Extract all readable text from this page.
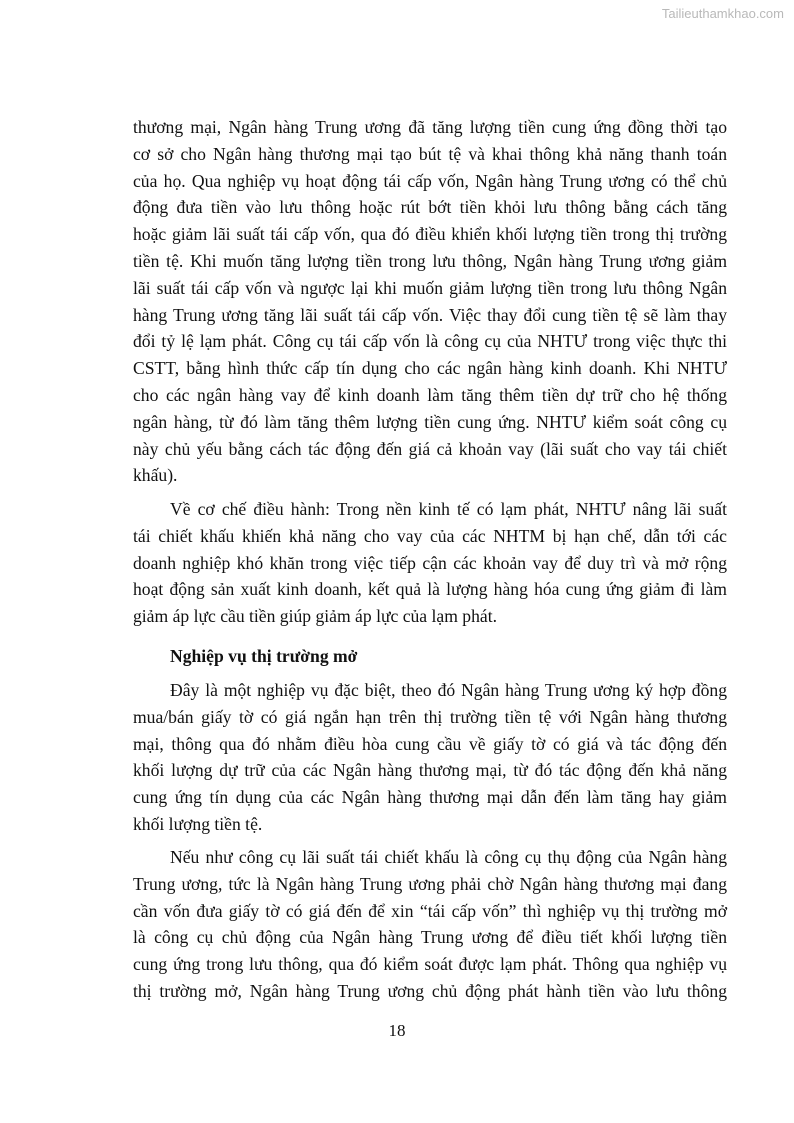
Tailieuthamkhao.com
thương mại, Ngân hàng Trung ương đã tăng lượng tiền cung ứng đồng thời tạo
cơ sở cho Ngân hàng thương mại tạo bút tệ và khai thông khả năng thanh toán
của họ. Qua nghiệp vụ hoạt động tái cấp vốn, Ngân hàng Trung ương có thể chủ
động đưa tiền vào lưu thông hoặc rút bớt tiền khỏi lưu thông bằng cách tăng
hoặc giảm lãi suất tái cấp vốn, qua đó điều khiển khối lượng tiền trong thị trường
tiền tệ. Khi muốn tăng lượng tiền trong lưu thông, Ngân hàng Trung ương giảm
lãi suất tái cấp vốn và ngược lại khi muốn giảm lượng tiền trong lưu thông Ngân
hàng Trung ương tăng lãi suất tái cấp vốn. Việc thay đổi cung tiền tệ sẽ làm thay
đổi tỷ lệ lạm phát. Công cụ tái cấp vốn là công cụ của NHTƯ trong việc thực thi
CSTT, bằng hình thức cấp tín dụng cho các ngân hàng kinh doanh. Khi NHTƯ
cho các ngân hàng vay để kinh doanh làm tăng thêm tiền dự trữ cho hệ thống
ngân hàng, từ đó làm tăng thêm lượng tiền cung ứng. NHTƯ kiểm soát công cụ
này chủ yếu bằng cách tác động đến giá cả khoản vay (lãi suất cho vay tái chiết
khấu).
Về cơ chế điều hành: Trong nền kinh tế có lạm phát, NHTƯ nâng lãi suất
tái chiết khấu khiến khả năng cho vay của các NHTM bị hạn chế, dẫn tới các
doanh nghiệp khó khăn trong việc tiếp cận các khoản vay để duy trì và mở rộng
hoạt động sản xuất kinh doanh, kết quả là lượng hàng hóa cung ứng giảm đi làm
giảm áp lực cầu tiền giúp giảm áp lực của lạm phát.
Nghiệp vụ thị trường mở
Đây là một nghiệp vụ đặc biệt, theo đó Ngân hàng Trung ương ký hợp đồng
mua/bán giấy tờ có giá ngắn hạn trên thị trường tiền tệ với Ngân hàng thương
mại, thông qua đó nhằm điều hòa cung cầu về giấy tờ có giá và tác động đến
khối lượng dự trữ của các Ngân hàng thương mại, từ đó tác động đến khả năng
cung ứng tín dụng của các Ngân hàng thương mại dẫn đến làm tăng hay giảm
khối lượng tiền tệ.
Nếu như công cụ lãi suất tái chiết khấu là công cụ thụ động của Ngân hàng
Trung ương, tức là Ngân hàng Trung ương phải chờ Ngân hàng thương mại đang
cần vốn đưa giấy tờ có giá đến để xin “tái cấp vốn” thì nghiệp vụ thị trường mở
là công cụ chủ động của Ngân hàng Trung ương để điều tiết khối lượng tiền
cung ứng trong lưu thông, qua đó kiểm soát được lạm phát. Thông qua nghiệp vụ
thị trường mở, Ngân hàng Trung ương chủ động phát hành tiền vào lưu thông
18
